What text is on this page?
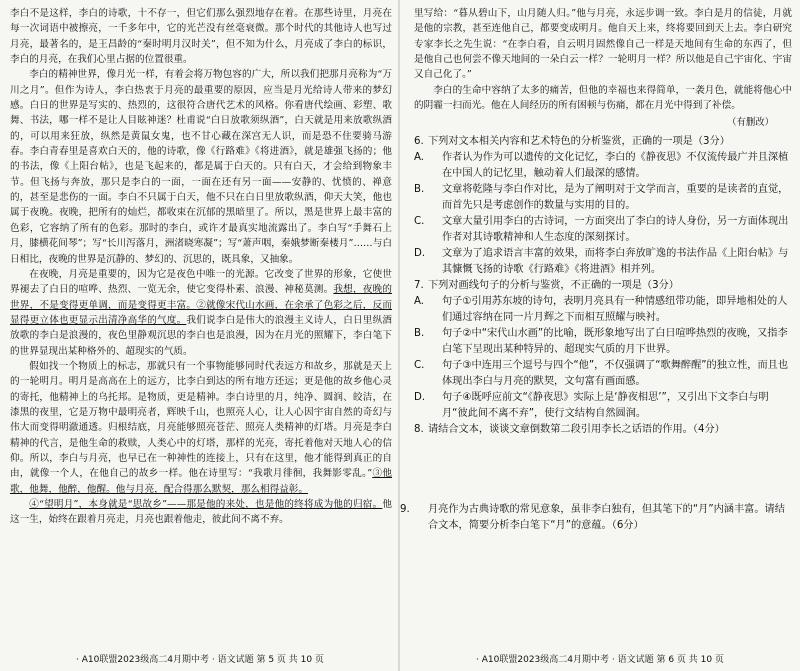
李白不是这样，李白的诗歌，十不存一，但它们那么强烈地存在着。在那些诗里，月亮在每一次词语中被擦亮，一千多年中，它的光芒没有丝毫衰微。那个时代的其他诗人也写过月亮，最著名的，是王昌龄的“秦时明月汉时关”，但不知为什么，月亮成了李白的标识，李白的月亮，在我们心里占据的位置很重。

李白的精神世界，像月光一样，有着会将万物包容的广大，所以我们把那月亮称为“万川之月”。但作为诗人，李白热衷于月亮的最重要的原因，应当是月光给诗人带来的梦幻感。白日的世界是写实的、热烈的，这很符合唐代艺术的风格。你看唐代绘画、彩塑、歌舞、书法，哪一样不是让人目眩神迷？杜甫说“白日放歌须纵酒”，白天就是用来放歌纵酒的，可以用来狂放，纵然是黄鼠女鬼，也不甘心藏在深宫无人识，而是恐不住要骑马游春。李白青春里是喜欢白天的，他的诗歌，像《行路难》《将进酒》，就是雄强飞扬的；他的书法，像《上阳台帖》，也是飞起来的，都是属于白天的。只有白天，才会给到物象丰节。但飞扬与奔放，那只是李白的一面，一面在还有另一面——安静的、忧愤的、禅意的，甚至是悲伤的一面。李白不只属于白天，他不只在白日里放歌纵酒，仰天大笑，他也属于夜晚。夜晚，把所有的灿烂，都收束在沉郁的黑暗里了。所以，黑是世界上最丰富的色彩，它容纳了所有的色彩。那时的李白，或许才最真实地流露出了。李白写“手舞石上月，膝横花间琴”；写“长川泻落月，洲渚晓寒凝”；写“萧声咽，秦娥梦断秦楼月”……与白日相比，夜晚的世界是沉静的、梦幻的、沉思的，既具象，又抽象。

在夜晚，月亮是重要的，因为它是夜色中唯一的光源。它改变了世界的形象，它使世界褪去了白日的喧哗、热烈、一览无余，使它变得朴素、浪漫、神秘莫测。我想，夜晚的世界，不是变得更单调，而是变得更丰富。②就像宋代山水画，在余承了色彩之后，反而显得更立体也更显示出清净高华的气度。我们说李白是伟大的浪漫主义诗人，白日里纵酒放歌的李白是浪漫的，夜色里静观沉思的李白也是浪漫，因为在月光的照耀下，李白笔下的世界显现出某种格外的、超现实的气质。

假如找一个物质上的标志，那就只有一个事物能够同时代表远方和故乡，那就是天上的一轮明月。明月是高高在上的远方，比李白到达的所有地方还远；更是他的故乡他心灵的寄托，他精神上的乌托邦。是物质，更是精神。李白诗里的月，纯净、圆润、皎洁，在漆黑的夜里，它是万物中最明亮者，辉映千山，也照亮人心，让人心因宇宙自然的奇幻与伟大而变得明澈通透。归根结底，月亮能够照亮苍茫、照亮人类精神的灯塔。月亮是李白精神的代言，是他生命的救赎，人类心中的灯塔，那样的光亮，寄托着他对天地人心的信仰。所以，李白与月亮，也早已在一种神性的连接上，只有在这里，他才能得到真正的自由，就像一个人，在他自己的故乡一样。他在诗里写：“我歌月徘徊，我舞影零乱。”③他歌，他舞，他醉，他醒。他与月亮，配合得那么默契，那么相得益彰。

④“望明月”，本身就是“思故乡”——那是他的来处，也是他的终将成为他的归宿。他这一生，始终在跟着月亮走，月亮也跟着他走，彼此间不离不弃。

· A10联盟2023级高二4月期中考 · 语文试题 第 5 页 共 10 页

里写给：“暮从碧山下，山月随人归。”他与月亮，永远步调一致。李白是月的信徒，月就是他的宗教，甚至连他自己，都要变成明月。他自天上来，终将要回到天上去。李白研究专家李长之先生说：“在李白看，自云明月固然像自己一样是天地间有生命的东西了，但是他自己也何尝不像天地间的一朵白云一样？一轮明月一样？所以他是自己宇宙化、宇宙又自己化了。”

李白的生命中容纳了太多的痛苦，但他的幸福也来得简单，一袭月色，就能将他心中的阴霾一扫而光。他在人间经历的所有困顿与伤痛，都在月光中得到了补偿。

（有删改）

6. 下列对文本相关内容和艺术特色的分析鉴赏，正确的一项是（3分）

A. 作者认为作为可以遗传的文化记忆，李白的《静夜思》不仅流传最广并且深植在中国人的记忆里，触动着人们最深的感情。

B. 文章将乾隆与李白作对比，是为了阐明对于文学而言，重要的是读者的直觉，而首先只是考虑创作的数量与实用的目的。

C. 文章大量引用李白的古诗词，一方面突出了李白的诗人身份，另一方面体现出作者对其诗歌精神和人生态度的深刻探讨。

D. 文章为了追求语言丰富的效果，而将李白奔放旷逸的书法作品《上阳台帖》与其慷慨飞扬的诗歌《行路难》《将进酒》相并列。

7. 下列对画线句子的分析与鉴赏，不正确的一项是（3分）

A. 句子①引用苏东坡的诗句，表明月亮具有一种情感纽带功能，即异地相处的人们通过容纳在同一片月辉之下而相互照耀与映衬。

B. 句子②中“宋代山水画”的比喻，既形象地写出了白日喧哗热烈的夜晚，又指李白笔下呈现出某种特异的、超现实气质的月下世界。

C. 句子③中连用三个逗号与四个“他”，不仅强调了“歌舞醉醒”的独立性，而且也体现出李白与月亮的默契，文句富有画面感。

D. 句子④既呼应前文“《静夜思》实际上是‘静夜相思’”，又引出下文李白与明月“彼此间不离不弃”，使行文结构自然圆润。

8. 请结合文本，谈谈文章倒数第二段引用李长之话语的作用。（4分）

9. 月亮作为古典诗歌的常见意象，虽非李白独有，但其笔下的“月”内涵丰富。请结合文本，简要分析李白笔下“月”的意蕴。（6分）

· A10联盟2023级高二4月期中考 · 语文试题 第 6 页 共 10 页
